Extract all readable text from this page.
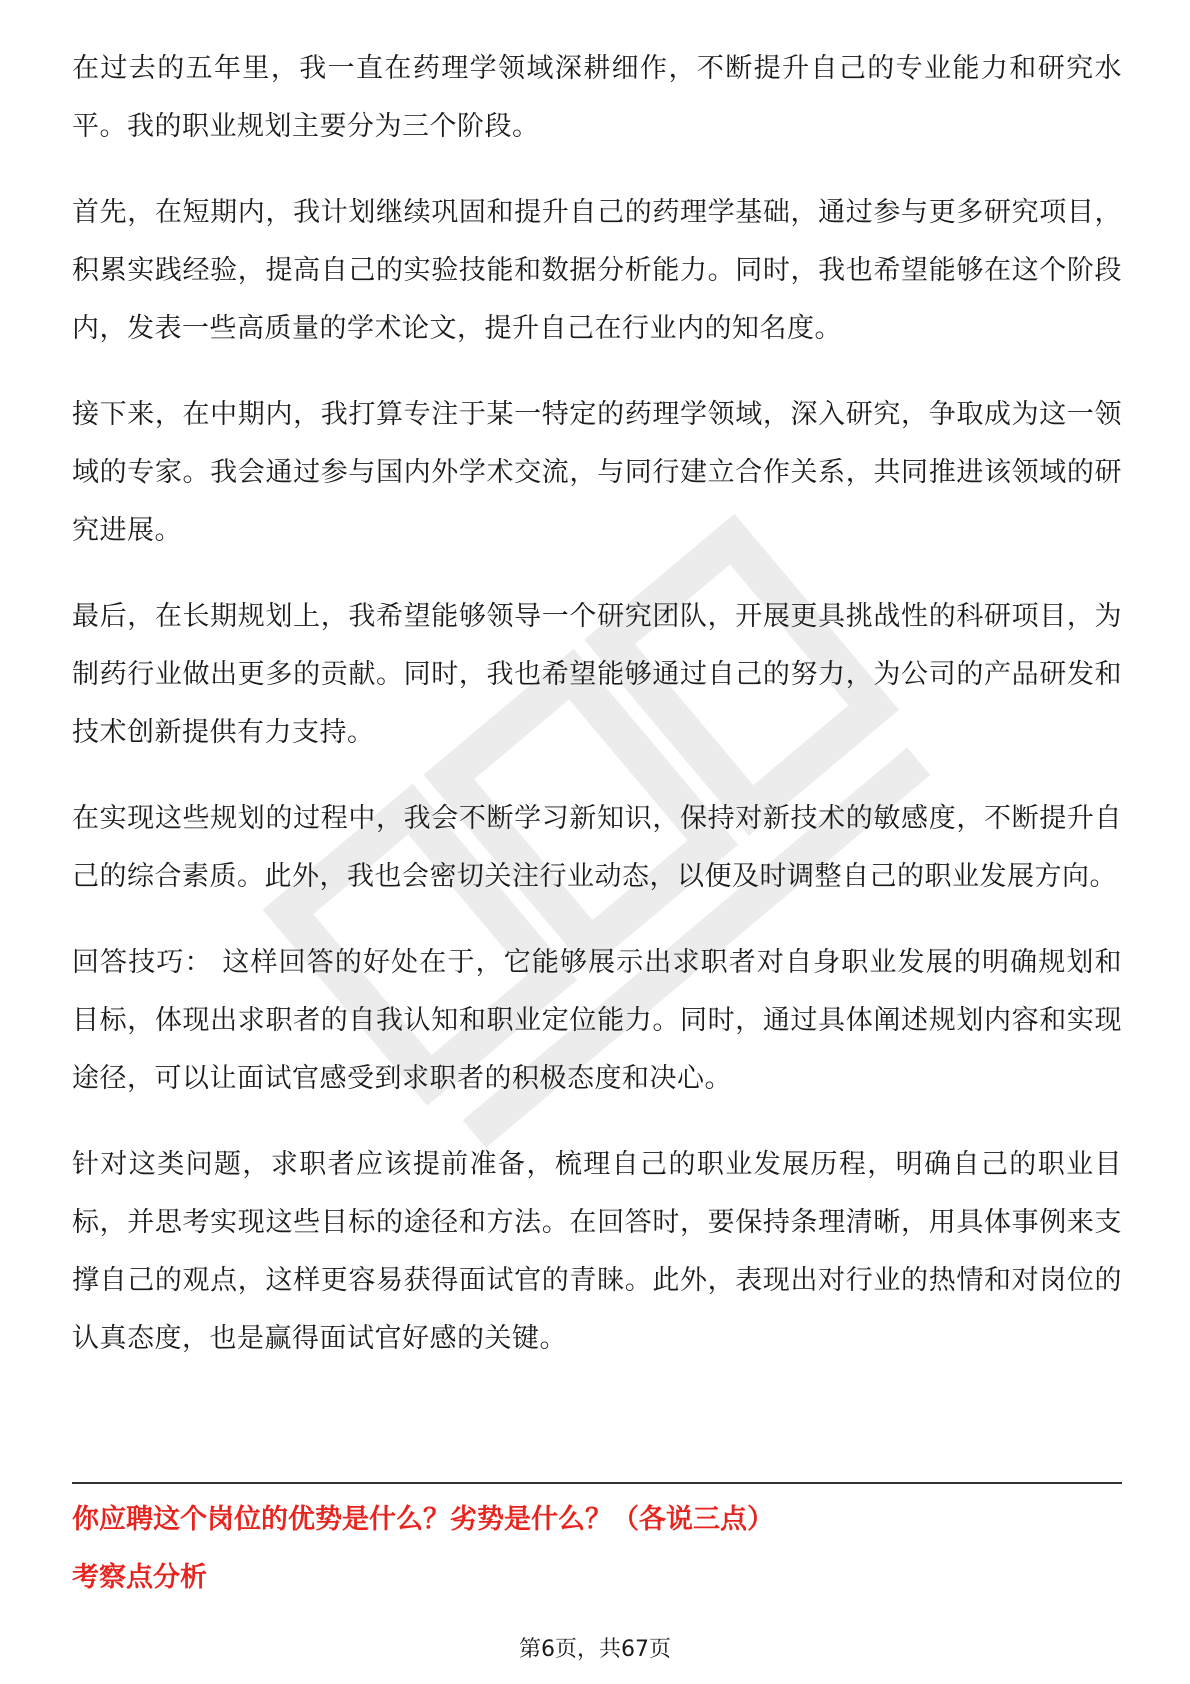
在过去的五年里，我一直在药理学领域深耕细作，不断提升自己的专业能力和研究水平。我的职业规划主要分为三个阶段。

首先，在短期内，我计划继续巩固和提升自己的药理学基础，通过参与更多研究项目，积累实践经验，提高自己的实验技能和数据分析能力。同时，我也希望能够在这个阶段内，发表一些高质量的学术论文，提升自己在行业内的知名度。

接下来，在中期内，我打算专注于某一特定的药理学领域，深入研究，争取成为这一领域的专家。我会通过参与国内外学术交流，与同行建立合作关系，共同推进该领域的研究进展。

最后，在长期规划上，我希望能够领导一个研究团队，开展更具挑战性的科研项目，为制药行业做出更多的贡献。同时，我也希望能够通过自己的努力，为公司的产品研发和技术创新提供有力支持。

在实现这些规划的过程中，我会不断学习新知识，保持对新技术的敏感度，不断提升自己的综合素质。此外，我也会密切关注行业动态，以便及时调整自己的职业发展方向。

回答技巧： 这样回答的好处在于，它能够展示出求职者对自身职业发展的明确规划和目标，体现出求职者的自我认知和职业定位能力。同时，通过具体阐述规划内容和实现途径，可以让面试官感受到求职者的积极态度和决心。

针对这类问题，求职者应该提前准备，梳理自己的职业发展历程，明确自己的职业目标，并思考实现这些目标的途径和方法。在回答时，要保持条理清晰，用具体事例来支撑自己的观点，这样更容易获得面试官的青睐。此外，表现出对行业的热情和对岗位的认真态度，也是赢得面试官好感的关键。

你应聘这个岗位的优势是什么？劣势是什么？（各说三点）
考察点分析
第6页，共67页
